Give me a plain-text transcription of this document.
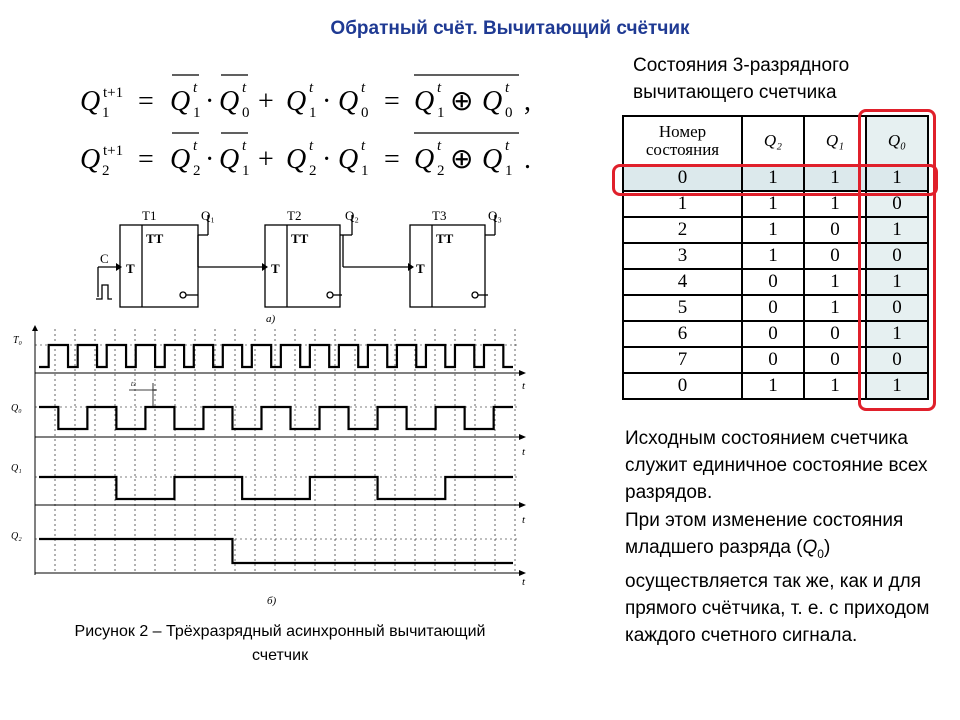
Обратный счёт. Вычитающий счётчик
Q t+1
1 = Q t
1 · Q t
0 + Q t
1 · Q t
0 = Q t
1 ⊕ Q t
0 ,
Q t+1
2 = Q t
2 · Q t
1 + Q t
2 · Q t
1 = Q t
2 ⊕ Q t
1 .
T1	T2	T3
Q₁	Q₂	Q₃
TT	TT	TT
T	T	T
C
а)
T₀
Q₀
Q₁
Q₂
t
t
t
t
tз
б)
Рисунок 2 – Трёхразрядный асинхронный вычитающий счетчик
Состояния 3-разрядного вычитающего счетчика
Номер состояния	Q₂	Q₁	Q₀
0	1	1	1
1	1	1	0
2	1	0	1
3	1	0	0
4	0	1	1
5	0	1	0
6	0	0	1
7	0	0	0
0	1	1	1

Исходным состоянием счетчика служит единичное состояние всех разрядов.

При этом изменение состояния младшего разряда $(Q_0)$ осуществляется так же, как и для прямого счётчика, т. е. с приходом каждого счетного сигнала.
